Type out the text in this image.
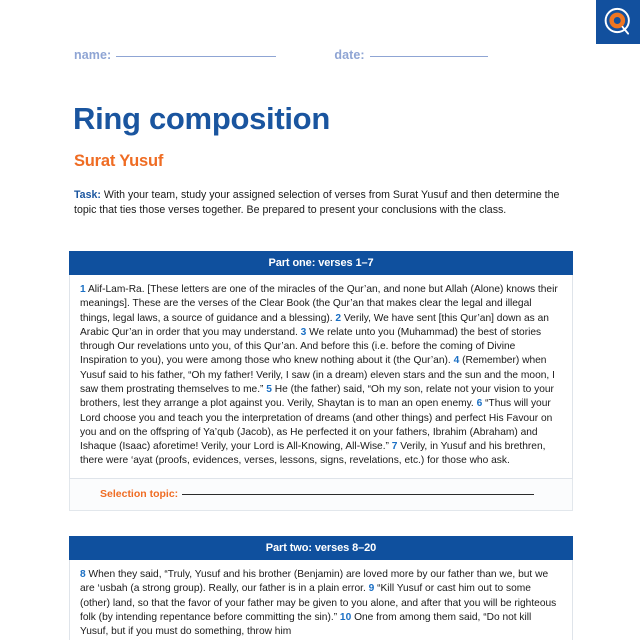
name:	date:
Ring composition
Surat Yusuf
Task: With your team, study your assigned selection of verses from Surat Yusuf and then determine the topic that ties those verses together. Be prepared to present your conclusions with the class.
Part one: verses 1–7
1 Alif-Lam-Ra. [These letters are one of the miracles of the Qur’an, and none but Allah (Alone) knows their meanings]. These are the verses of the Clear Book (the Qur’an that makes clear the legal and illegal things, legal laws, a source of guidance and a blessing). 2 Verily, We have sent [this Qur’an] down as an Arabic Qur’an in order that you may understand. 3 We relate unto you (Muhammad) the best of stories through Our revelations unto you, of this Qur’an. And before this (i.e. before the coming of Divine Inspiration to you), you were among those who knew nothing about it (the Qur’an). 4 (Remember) when Yusuf said to his father, “Oh my father! Verily, I saw (in a dream) eleven stars and the sun and the moon, I saw them prostrating themselves to me.” 5 He (the father) said, “Oh my son, relate not your vision to your brothers, lest they arrange a plot against you. Verily, Shaytan is to man an open enemy. 6 “Thus will your Lord choose you and teach you the interpretation of dreams (and other things) and perfect His Favour on you and on the offspring of Ya’qub (Jacob), as He perfected it on your fathers, Ibrahim (Abraham) and Ishaque (Isaac) aforetime! Verily, your Lord is All-Knowing, All-Wise.” 7 Verily, in Yusuf and his brethren, there were ‘ayat (proofs, evidences, verses, lessons, signs, revelations, etc.) for those who ask.
Selection topic:
Part two: verses 8–20
8 When they said, “Truly, Yusuf and his brother (Benjamin) are loved more by our father than we, but we are ‘usbah (a strong group). Really, our father is in a plain error. 9 “Kill Yusuf or cast him out to some (other) land, so that the favor of your father may be given to you alone, and after that you will be righteous folk (by intending repentance before committing the sin).” 10 One from among them said, “Do not kill Yusuf, but if you must do something, throw him
